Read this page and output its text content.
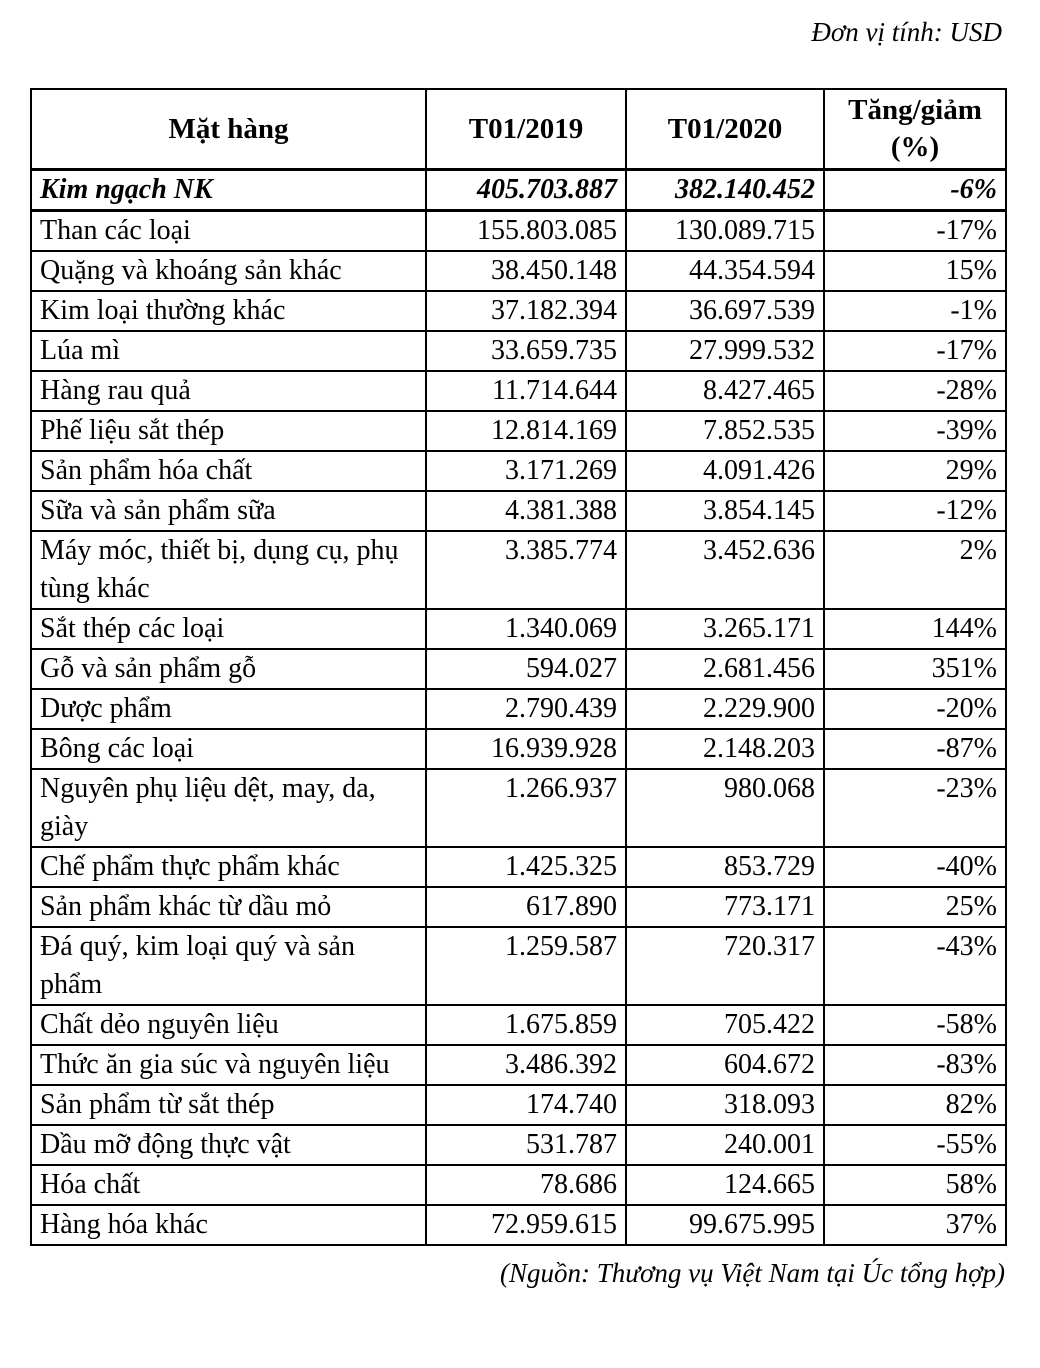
Đơn vị tính: USD
Mặt hàng	T01/2019	T01/2020	Tăng/giảm (%)
Kim ngạch NK	405.703.887	382.140.452	-6%
Than các loại	155.803.085	130.089.715	-17%
Quặng và khoáng sản khác	38.450.148	44.354.594	15%
Kim loại thường khác	37.182.394	36.697.539	-1%
Lúa mì	33.659.735	27.999.532	-17%
Hàng rau quả	11.714.644	8.427.465	-28%
Phế liệu sắt thép	12.814.169	7.852.535	-39%
Sản phẩm hóa chất	3.171.269	4.091.426	29%
Sữa và sản phẩm sữa	4.381.388	3.854.145	-12%
Máy móc, thiết bị, dụng cụ, phụ tùng khác	3.385.774	3.452.636	2%
Sắt thép các loại	1.340.069	3.265.171	144%
Gỗ và sản phẩm gỗ	594.027	2.681.456	351%
Dược phẩm	2.790.439	2.229.900	-20%
Bông các loại	16.939.928	2.148.203	-87%
Nguyên phụ liệu dệt, may, da, giày	1.266.937	980.068	-23%
Chế phẩm thực phẩm khác	1.425.325	853.729	-40%
Sản phẩm khác từ dầu mỏ	617.890	773.171	25%
Đá quý, kim loại quý và sản phẩm	1.259.587	720.317	-43%
Chất dẻo nguyên liệu	1.675.859	705.422	-58%
Thức ăn gia súc và nguyên liệu	3.486.392	604.672	-83%
Sản phẩm từ sắt thép	174.740	318.093	82%
Dầu mỡ động thực vật	531.787	240.001	-55%
Hóa chất	78.686	124.665	58%
Hàng hóa khác	72.959.615	99.675.995	37%
(Nguồn: Thương vụ Việt Nam tại Úc tổng hợp)
